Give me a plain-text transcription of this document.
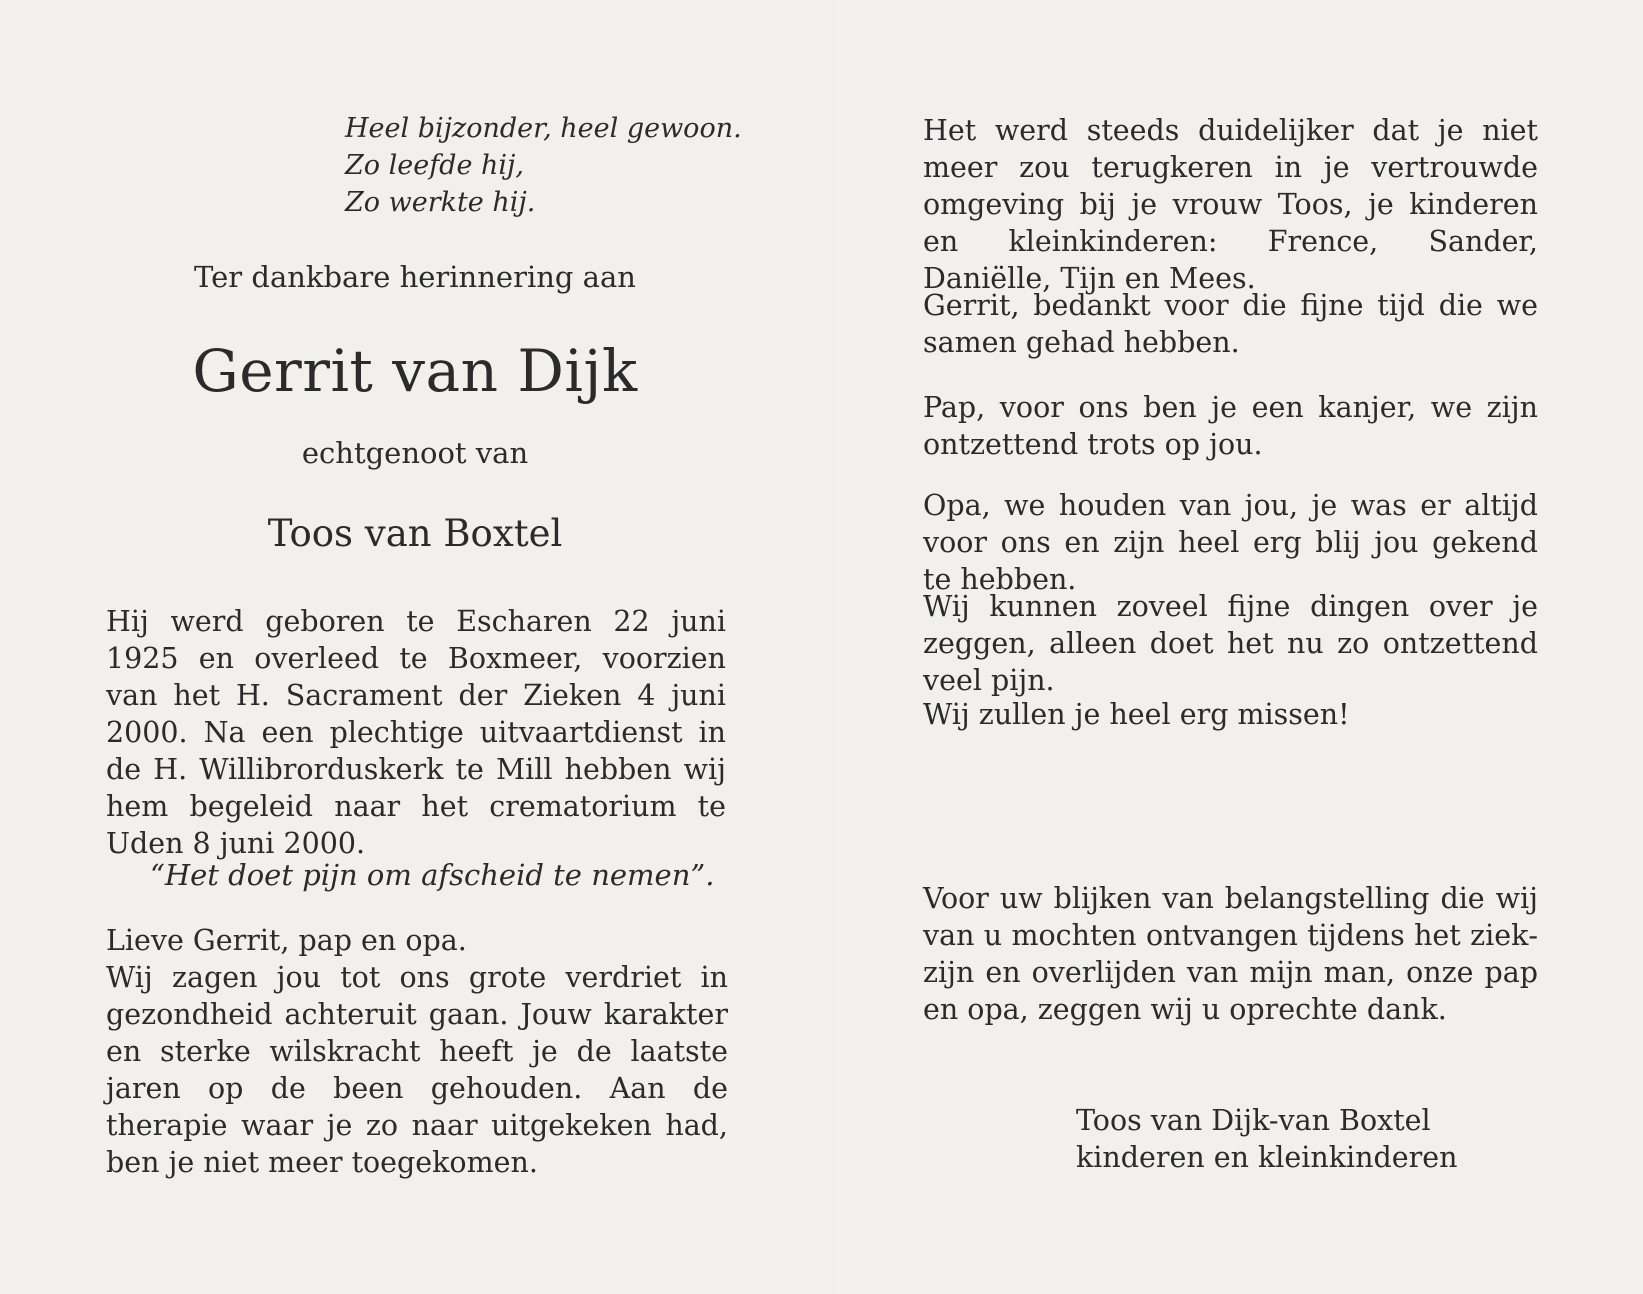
Heel bijzonder, heel gewoon.
Zo leefde hij,
Zo werkte hij.
Ter dankbare herinnering aan
Gerrit van Dijk
echtgenoot van
Toos van Boxtel
Hij werd geboren te Escharen 22 juni 1925 en overleed te Boxmeer, voorzien van het H. Sacrament der Zieken 4 juni 2000. Na een plechtige uitvaartdienst in de H. Willibrorduskerk te Mill hebben wij hem begeleid naar het crematorium te Uden 8 juni 2000.
“Het doet pijn om afscheid te nemen”.
Lieve Gerrit, pap en opa.
Wij zagen jou tot ons grote verdriet in gezondheid achteruit gaan. Jouw karakter en sterke wilskracht heeft je de laatste jaren op de been gehouden. Aan de therapie waar je zo naar uitgekeken had, ben je niet meer toegekomen.
Het werd steeds duidelijker dat je niet meer zou terugkeren in je vertrouwde omgeving bij je vrouw Toos, je kinderen en kleinkinderen: Frence, Sander, Daniëlle, Tijn en Mees.
Gerrit, bedankt voor die fijne tijd die we samen gehad hebben.
Pap, voor ons ben je een kanjer, we zijn ontzettend trots op jou.
Opa, we houden van jou, je was er altijd voor ons en zijn heel erg blij jou gekend te hebben.
Wij kunnen zoveel fijne dingen over je zeggen, alleen doet het nu zo ontzettend veel pijn.
Wij zullen je heel erg missen!
Voor uw blijken van belangstelling die wij van u mochten ontvangen tijdens het ziekzijn en overlijden van mijn man, onze pap en opa, zeggen wij u oprechte dank.
Toos van Dijk-van Boxtel
kinderen en kleinkinderen
